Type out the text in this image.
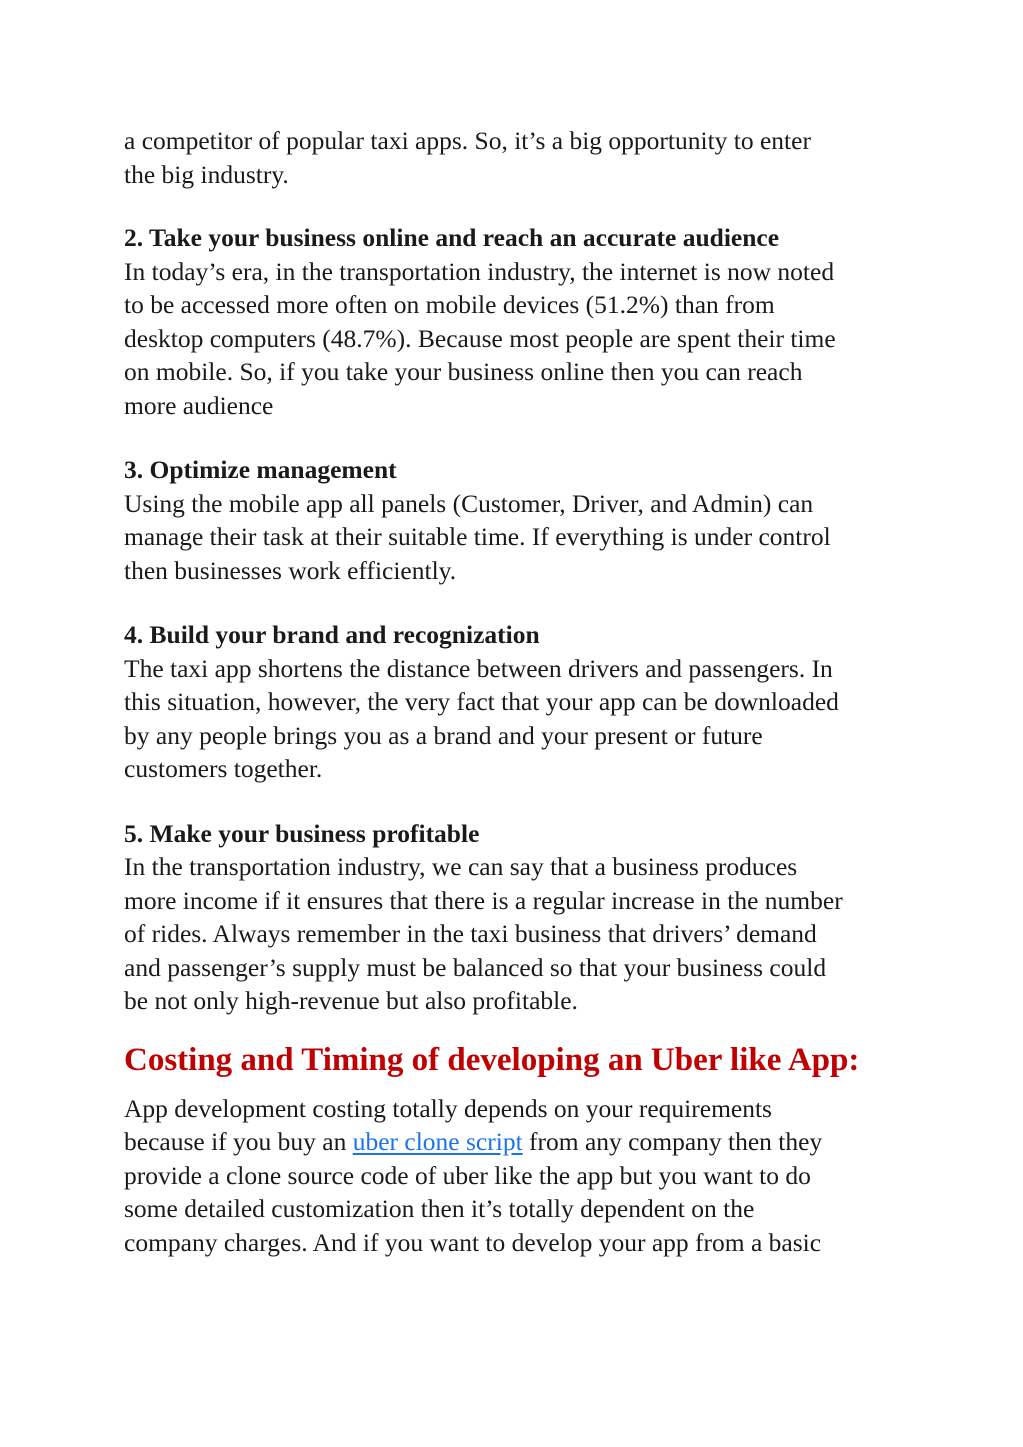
a competitor of popular taxi apps. So, it’s a big opportunity to enter
the big industry.

2. Take your business online and reach an accurate audience

In today’s era, in the transportation industry, the internet is now noted
to be accessed more often on mobile devices (51.2%) than from
desktop computers (48.7%). Because most people are spent their time
on mobile. So, if you take your business online then you can reach
more audience

3. Optimize management

Using the mobile app all panels (Customer, Driver, and Admin) can
manage their task at their suitable time. If everything is under control
then businesses work efficiently.

4. Build your brand and recognization

The taxi app shortens the distance between drivers and passengers. In
this situation, however, the very fact that your app can be downloaded
by any people brings you as a brand and your present or future
customers together.

5. Make your business profitable

In the transportation industry, we can say that a business produces
more income if it ensures that there is a regular increase in the number
of rides. Always remember in the taxi business that drivers’ demand
and passenger’s supply must be balanced so that your business could
be not only high-revenue but also profitable.

Costing and Timing of developing an Uber like App:

App development costing totally depends on your requirements
because if you buy an uber clone script from any company then they
provide a clone source code of uber like the app but you want to do
some detailed customization then it’s totally dependent on the
company charges. And if you want to develop your app from a basic
